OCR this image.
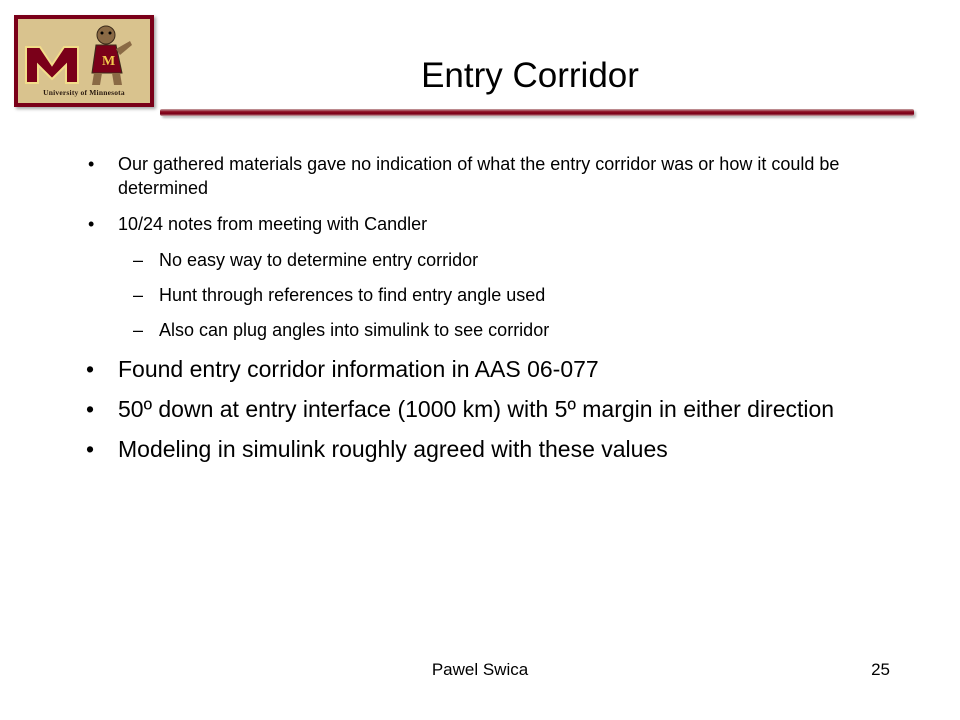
M
University of Minnesota	Entry Corridor
• Our gathered materials gave no indication of what the entry corridor was or how it could be determined
• 10/24 notes from meeting with Candler
– No easy way to determine entry corridor
– Hunt through references to find entry angle used
– Also can plug angles into simulink to see corridor
• Found entry corridor information in AAS 06-077
• 50º down at entry interface (1000 km) with 5º margin in either direction
• Modeling in simulink roughly agreed with these values
Pawel Swica	25
